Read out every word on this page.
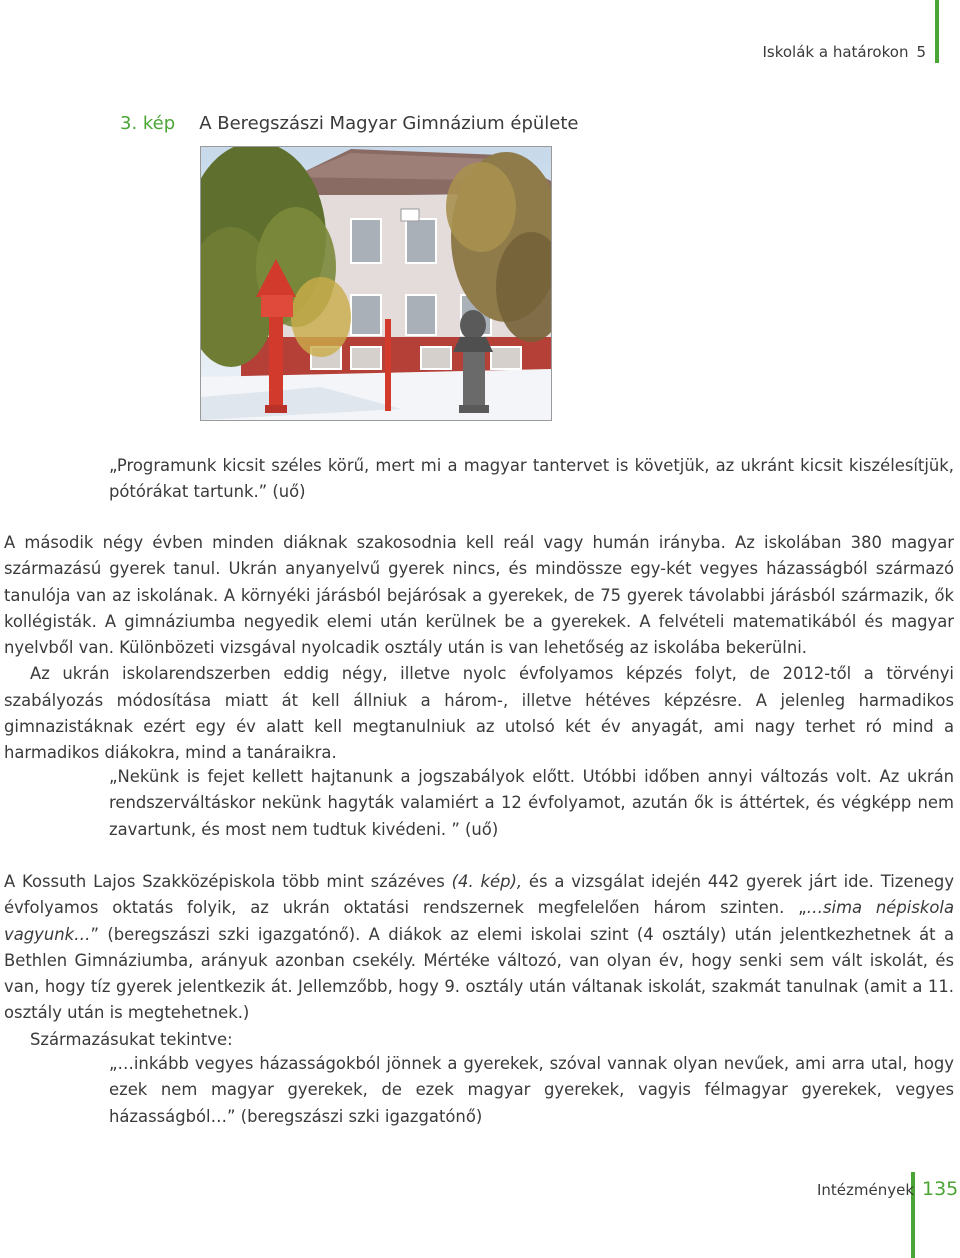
Iskolák a határokon 5
3. kép A Beregszászi Magyar Gimnázium épülete

„Programunk kicsit széles körű, mert mi a magyar tantervet is követjük, az ukránt kicsit kiszélesítjük, pótórákat tartunk.” (uő)

A második négy évben minden diáknak szakosodnia kell reál vagy humán irányba. Az iskolában 380 magyar származású gyerek tanul. Ukrán anyanyelvű gyerek nincs, és mindössze egy-két vegyes házasságból származó tanulója van az iskolának. A környéki járásból bejárósak a gyerekek, de 75 gyerek távolabbi járásból származik, ők kollégisták. A gimnáziumba negyedik elemi után kerülnek be a gyerekek. A felvételi matematikából és magyar nyelvből van. Különbözeti vizsgával nyolcadik osztály után is van lehetőség az iskolába bekerülni.

Az ukrán iskolarendszerben eddig négy, illetve nyolc évfolyamos képzés folyt, de 2012-től a törvényi szabályozás módosítása miatt át kell állniuk a három-, illetve hétéves képzésre. A jelenleg harmadikos gimnazistáknak ezért egy év alatt kell megtanulniuk az utolsó két év anyagát, ami nagy terhet ró mind a harmadikos diákokra, mind a tanáraikra.

„Nekünk is fejet kellett hajtanunk a jogszabályok előtt. Utóbbi időben annyi változás volt. Az ukrán rendszerváltáskor nekünk hagyták valamiért a 12 évfolyamot, azután ők is áttértek, és végképp nem zavartunk, és most nem tudtuk kivédeni. ” (uő)

A Kossuth Lajos Szakközépiskola több mint százéves (4. kép), és a vizsgálat idején 442 gyerek járt ide. Tizenegy évfolyamos oktatás folyik, az ukrán oktatási rendszernek megfelelően három szinten. „…sima népiskola vagyunk…” (beregszászi szki igazgatónő). A diákok az elemi iskolai szint (4 osztály) után jelentkezhetnek át a Bethlen Gimnáziumba, arányuk azonban csekély. Mértéke változó, van olyan év, hogy senki sem vált iskolát, és van, hogy tíz gyerek jelentkezik át. Jellemzőbb, hogy 9. osztály után váltanak iskolát, szakmát tanulnak (amit a 11. osztály után is megtehetnek.)

Származásukat tekintve:

„…inkább vegyes házasságokból jönnek a gyerekek, szóval vannak olyan nevűek, ami arra utal, hogy ezek nem magyar gyerekek, de ezek magyar gyerekek, vagyis félmagyar gyerekek, vegyes házasságból…” (beregszászi szki igazgatónő)

Intézmények 135
